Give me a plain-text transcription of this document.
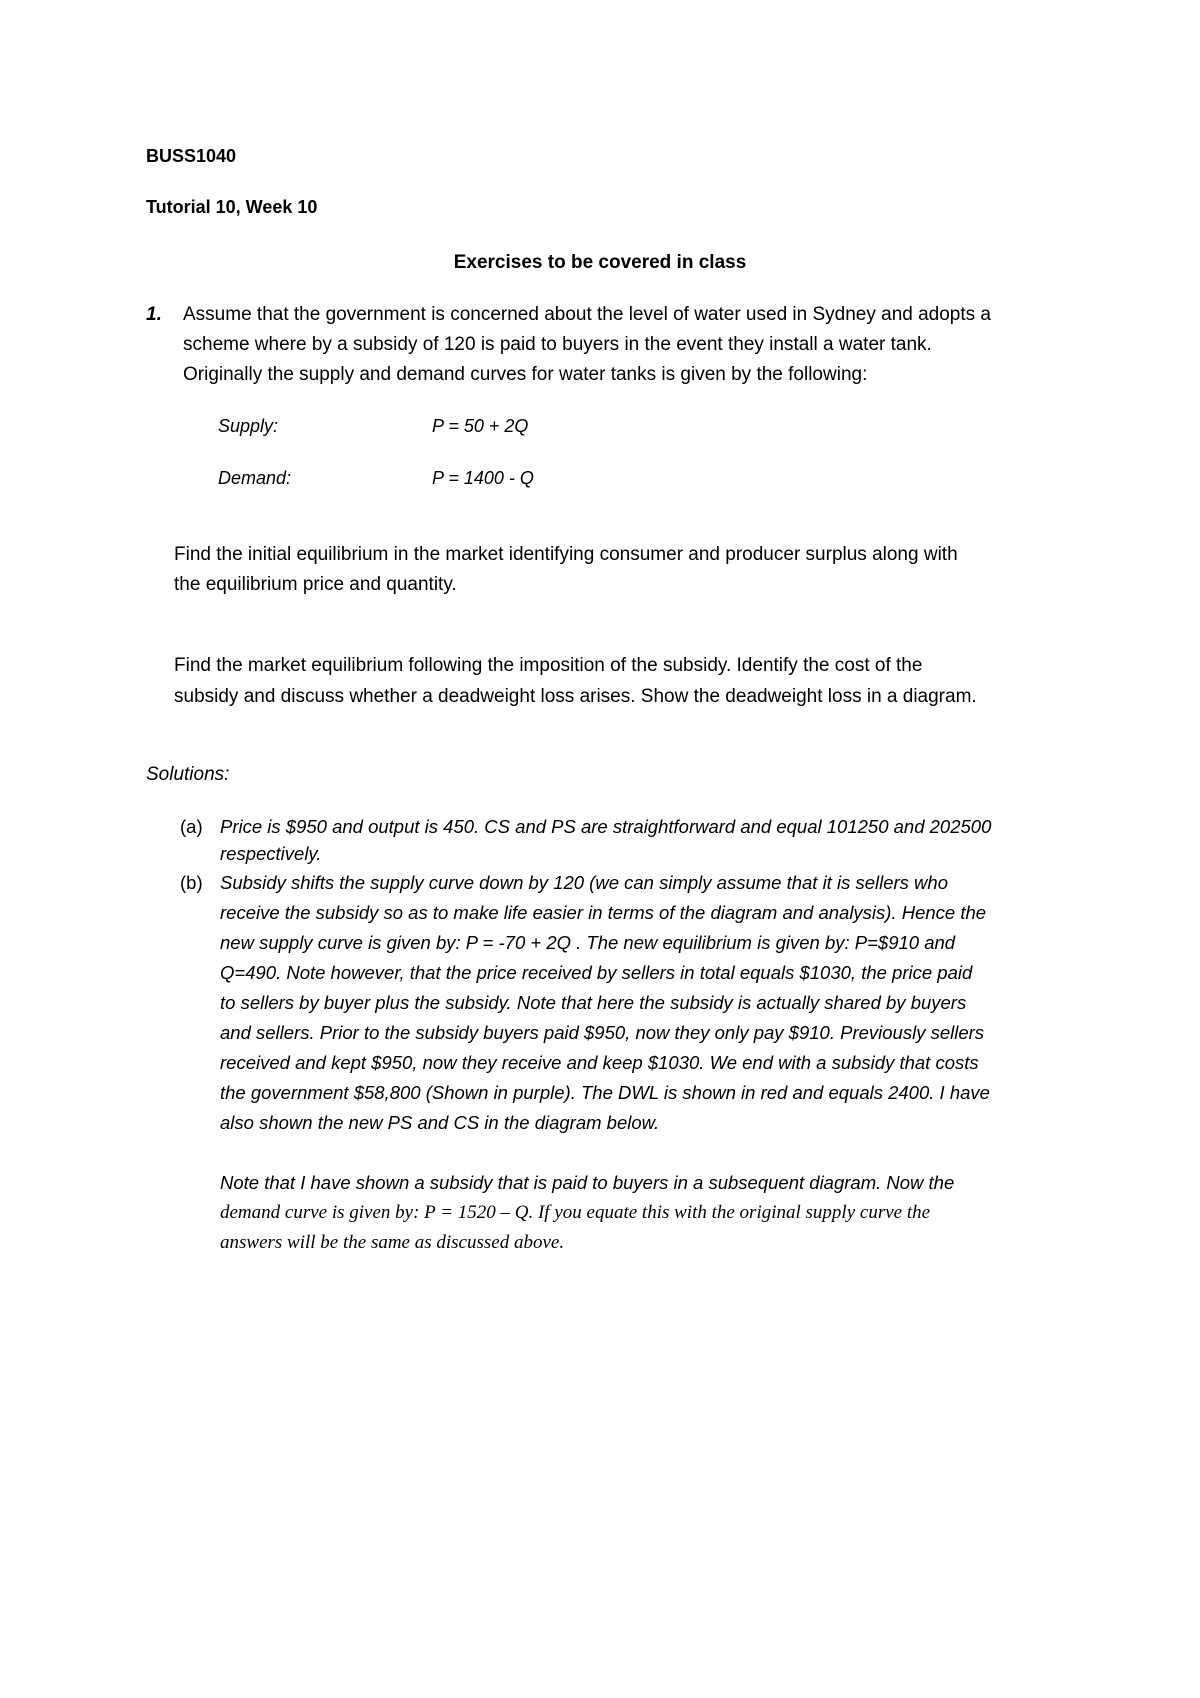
BUSS1040
Tutorial 10, Week 10
Exercises to be covered in class
1. Assume that the government is concerned about the level of water used in Sydney and adopts a
scheme where by a subsidy of 120 is paid to buyers in the event they install a water tank.
Originally the supply and demand curves for water tanks is given by the following:
Supply:	P = 50 + 2Q
Demand:	P = 1400 - Q
Find the initial equilibrium in the market identifying consumer and producer surplus along with
the equilibrium price and quantity.
Find the market equilibrium following the imposition of the subsidy. Identify the cost of the
subsidy and discuss whether a deadweight loss arises. Show the deadweight loss in a diagram.
Solutions:
(a) Price is $950 and output is 450. CS and PS are straightforward and equal 101250 and 202500
respectively.
(b) Subsidy shifts the supply curve down by 120 (we can simply assume that it is sellers who
receive the subsidy so as to make life easier in terms of the diagram and analysis). Hence the
new supply curve is given by: P = -70 + 2Q . The new equilibrium is given by: P=$910 and
Q=490. Note however, that the price received by sellers in total equals $1030, the price paid
to sellers by buyer plus the subsidy. Note that here the subsidy is actually shared by buyers
and sellers. Prior to the subsidy buyers paid $950, now they only pay $910. Previously sellers
received and kept $950, now they receive and keep $1030. We end with a subsidy that costs
the government $58,800 (Shown in purple). The DWL is shown in red and equals 2400. I have
also shown the new PS and CS in the diagram below.
Note that I have shown a subsidy that is paid to buyers in a subsequent diagram. Now the
demand curve is given by: P = 1520 – Q. If you equate this with the original supply curve the
answers will be the same as discussed above.
